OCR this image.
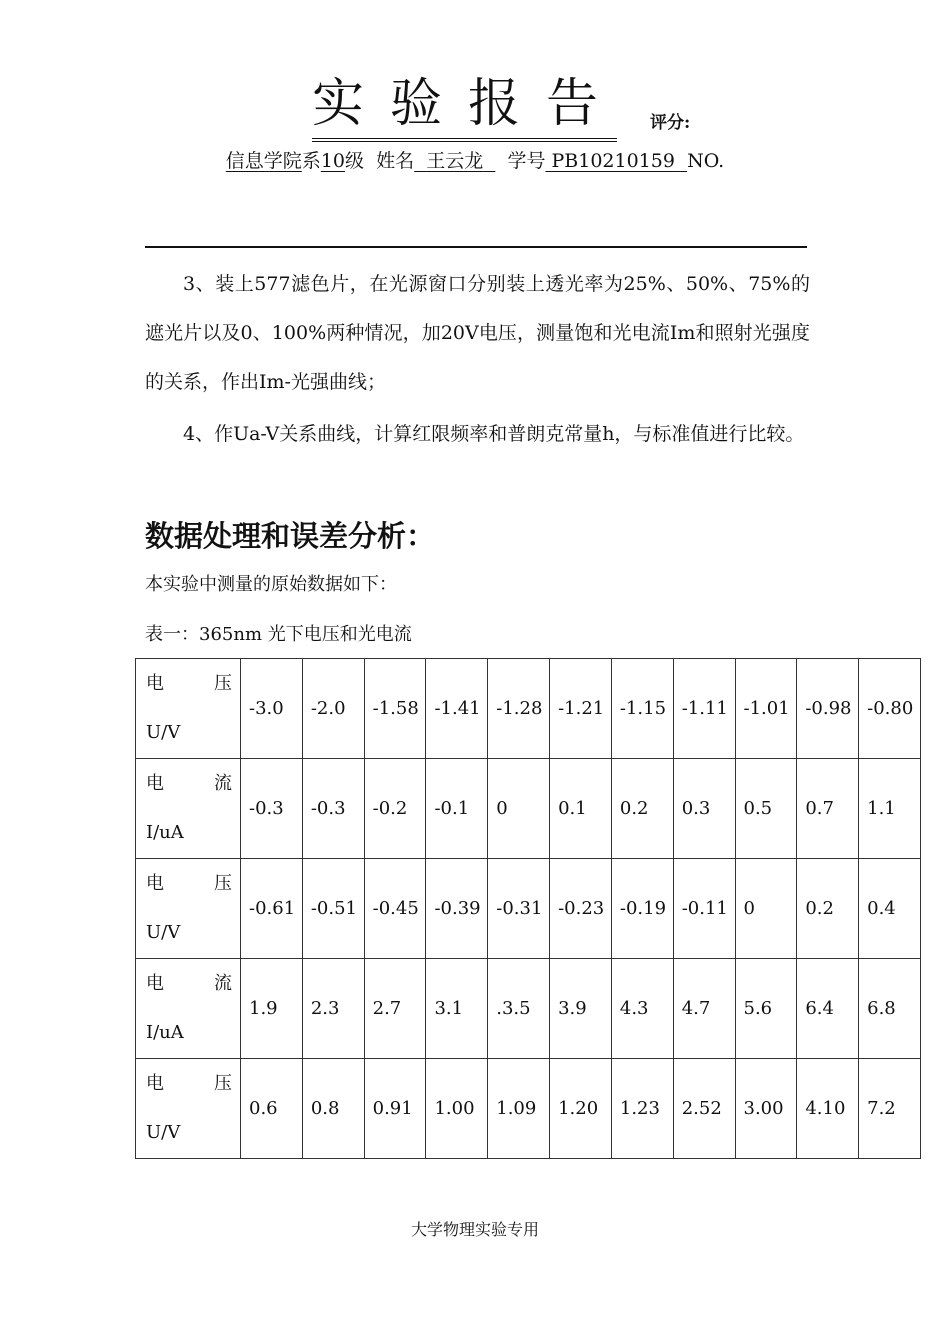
实验报告 评分:
信息学院系10级 姓名 王云龙 学号 PB10210159 NO.
3、装上577滤色片，在光源窗口分别装上透光率为25%、50%、75%的遮光片以及0、100%两种情况，加20V电压，测量饱和光电流Im和照射光强度的关系，作出Im-光强曲线；
4、作Ua-V关系曲线，计算红限频率和普朗克常量h，与标准值进行比较。
数据处理和误差分析：
本实验中测量的原始数据如下：
表一：365nm 光下电压和光电流
电 压
U/V	-3.0	-2.0	-1.58	-1.41	-1.28	-1.21	-1.15	-1.11	-1.01	-0.98	-0.80

电 流
I/uA	-0.3	-0.3	-0.2	-0.1	0	0.1	0.2	0.3	0.5	0.7	1.1

电 压
U/V	-0.61	-0.51	-0.45	-0.39	-0.31	-0.23	-0.19	-0.11	0	0.2	0.4

电 流
I/uA	1.9	2.3	2.7	3.1	.3.5	3.9	4.3	4.7	5.6	6.4	6.8

电 压
U/V	0.6	0.8	0.91	1.00	1.09	1.20	1.23	2.52	3.00	4.10	7.2
大学物理实验专用
